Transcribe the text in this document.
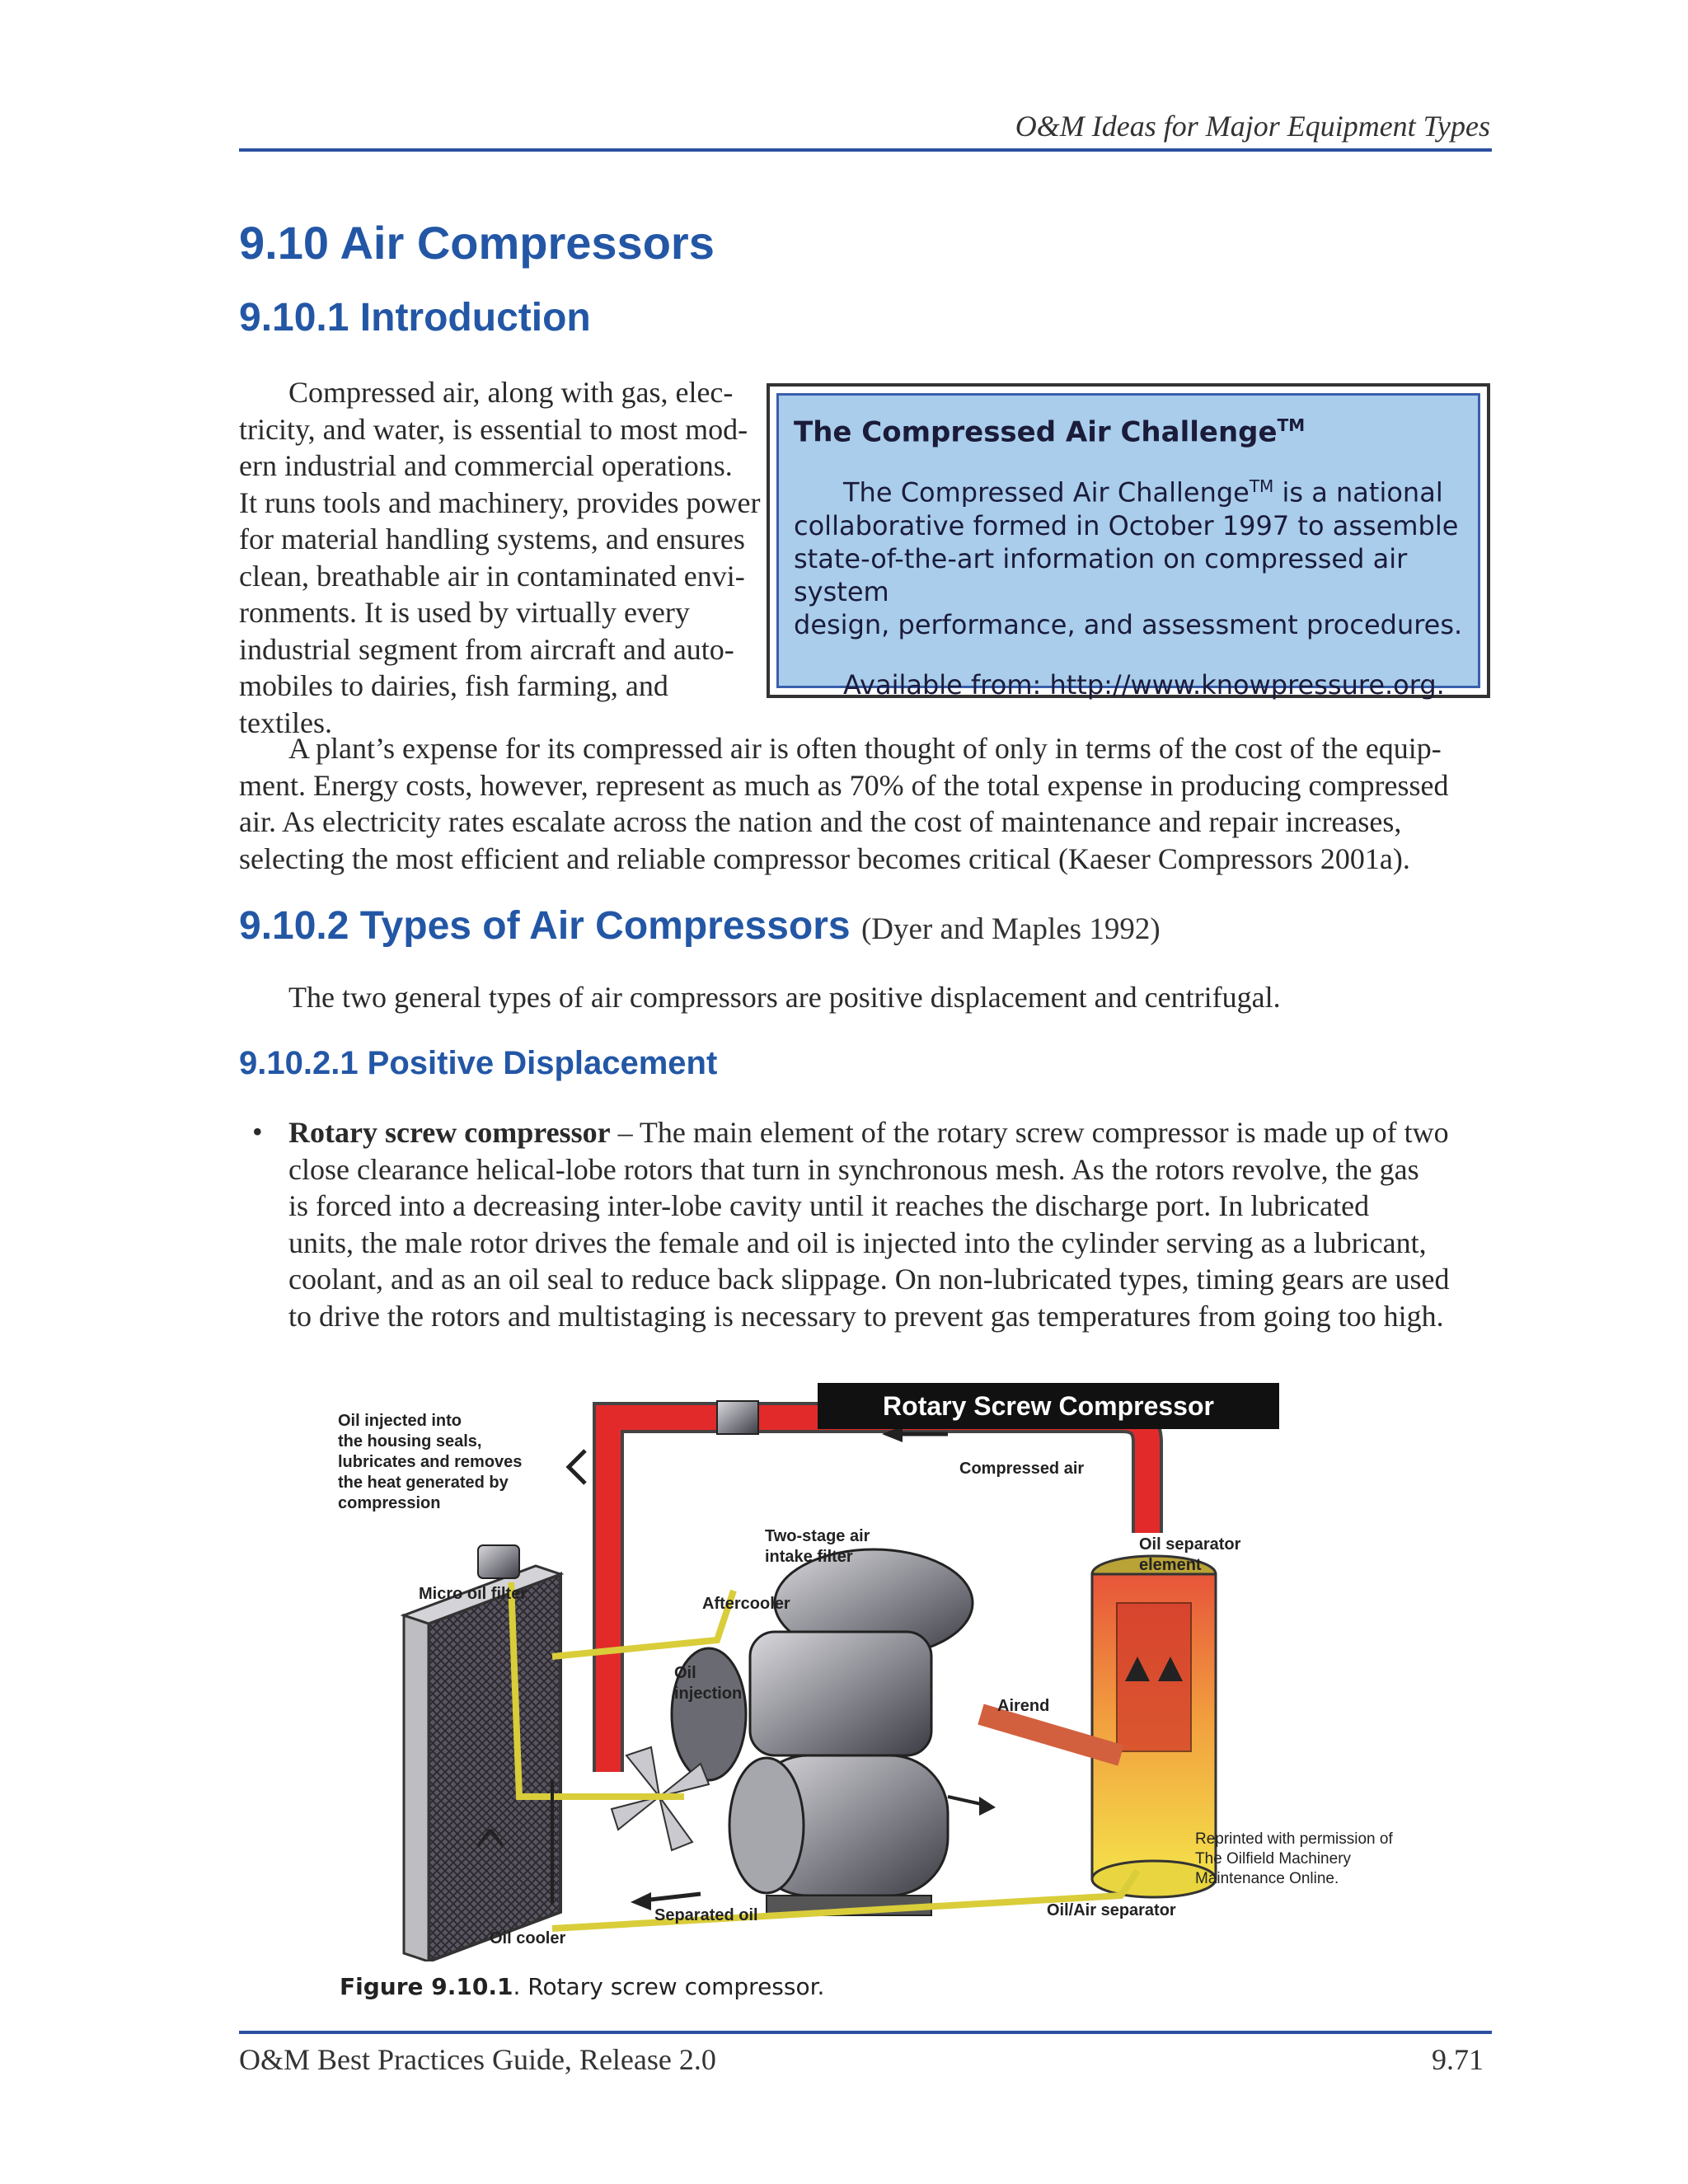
O&M Ideas for Major Equipment Types
9.10 Air Compressors
9.10.1 Introduction
Compressed air, along with gas, elec-
tricity, and water, is essential to most mod-
ern industrial and commercial operations.
It runs tools and machinery, provides power
for material handling systems, and ensures
clean, breathable air in contaminated envi-
ronments. It is used by virtually every
industrial segment from aircraft and auto-
mobiles to dairies, fish farming, and textiles.

The Compressed Air Challenge™

The Compressed Air Challenge™ is a national

collaborative formed in October 1997 to assemble
state-of-the-art information on compressed air system
design, performance, and assessment procedures.

Available from: http://www.knowpressure.org.

A plant’s expense for its compressed air is often thought of only in terms of the cost of the equip-
ment. Energy costs, however, represent as much as 70% of the total expense in producing compressed
air. As electricity rates escalate across the nation and the cost of maintenance and repair increases,
selecting the most efficient and reliable compressor becomes critical (Kaeser Compressors 2001a).
9.10.2 Types of Air Compressors (Dyer and Maples 1992)
The two general types of air compressors are positive displacement and centrifugal.
9.10.2.1 Positive Displacement
• Rotary screw compressor – The main element of the rotary screw compressor is made up of two
close clearance helical-lobe rotors that turn in synchronous mesh. As the rotors revolve, the gas
is forced into a decreasing inter-lobe cavity until it reaches the discharge port. In lubricated
units, the male rotor drives the female and oil is injected into the cylinder serving as a lubricant,
coolant, and as an oil seal to reduce back slippage. On non-lubricated types, timing gears are used
to drive the rotors and multistaging is necessary to prevent gas temperatures from going too high.
Rotary Screw Compressor
Oil injected into
the housing seals,
lubricates and removes
the heat generated by
compression
Micro oil filter
Two-stage air
intake filter
Aftercooler
Compressed air
Oil separator
element
Oil
injection
Airend
Oil cooler
Separated oil	Oil/Air separator
Reprinted with permission of
The Oilfield Machinery
Maintenance Online.
Figure 9.10.1. Rotary screw compressor.
O&M Best Practices Guide, Release 2.0	9.71
